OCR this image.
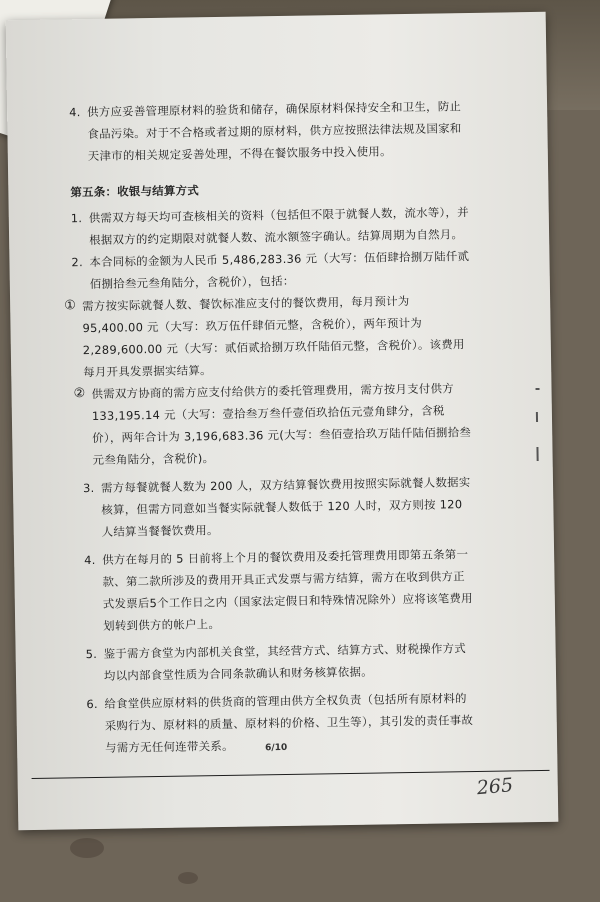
4. 供方应妥善管理原材料的验货和储存，确保原材料保持安全和卫生，防止食品污染。对于不合格或者过期的原材料，供方应按照法律法规及国家和天津市的相关规定妥善处理，不得在餐饮服务中投入使用。
第五条：收银与结算方式
1. 供需双方每天均可查核相关的资料（包括但不限于就餐人数，流水等），并根据双方的约定期限对就餐人数、流水额签字确认。结算周期为自然月。
2. 本合同标的金额为人民币 5,486,283.36 元（大写：伍佰肆拾捌万陆仟贰佰捌拾叁元叁角陆分，含税价），包括：
① 需方按实际就餐人数、餐饮标准应支付的餐饮费用，每月预计为 95,400.00 元（大写：玖万伍仟肆佰元整，含税价），两年预计为 2,289,600.00 元（大写：贰佰贰拾捌万玖仟陆佰元整，含税价）。该费用每月开具发票据实结算。
② 供需双方协商的需方应支付给供方的委托管理费用，需方按月支付供方133,195.14 元（大写：壹拾叁万叁仟壹佰玖拾伍元壹角肆分，含税价），两年合计为 3,196,683.36 元(大写：叁佰壹拾玖万陆仟陆佰捌拾叁元叁角陆分，含税价)。
3. 需方每餐就餐人数为 200 人，双方结算餐饮费用按照实际就餐人数据实核算，但需方同意如当餐实际就餐人数低于 120 人时，双方则按 120 人结算当餐餐饮费用。
4. 供方在每月的 5 日前将上个月的餐饮费用及委托管理费用即第五条第一款、第二款所涉及的费用开具正式发票与需方结算，需方在收到供方正式发票后5个工作日之内（国家法定假日和特殊情况除外）应将该笔费用划转到供方的帐户上。
5. 鉴于需方食堂为内部机关食堂，其经营方式、结算方式、财税操作方式均以内部食堂性质为合同条款确认和财务核算依据。
6. 给食堂供应原材料的供货商的管理由供方全权负责（包括所有原材料的采购行为、原材料的质量、原材料的价格、卫生等），其引发的责任事故与需方无任何连带关系。	6/10
265
